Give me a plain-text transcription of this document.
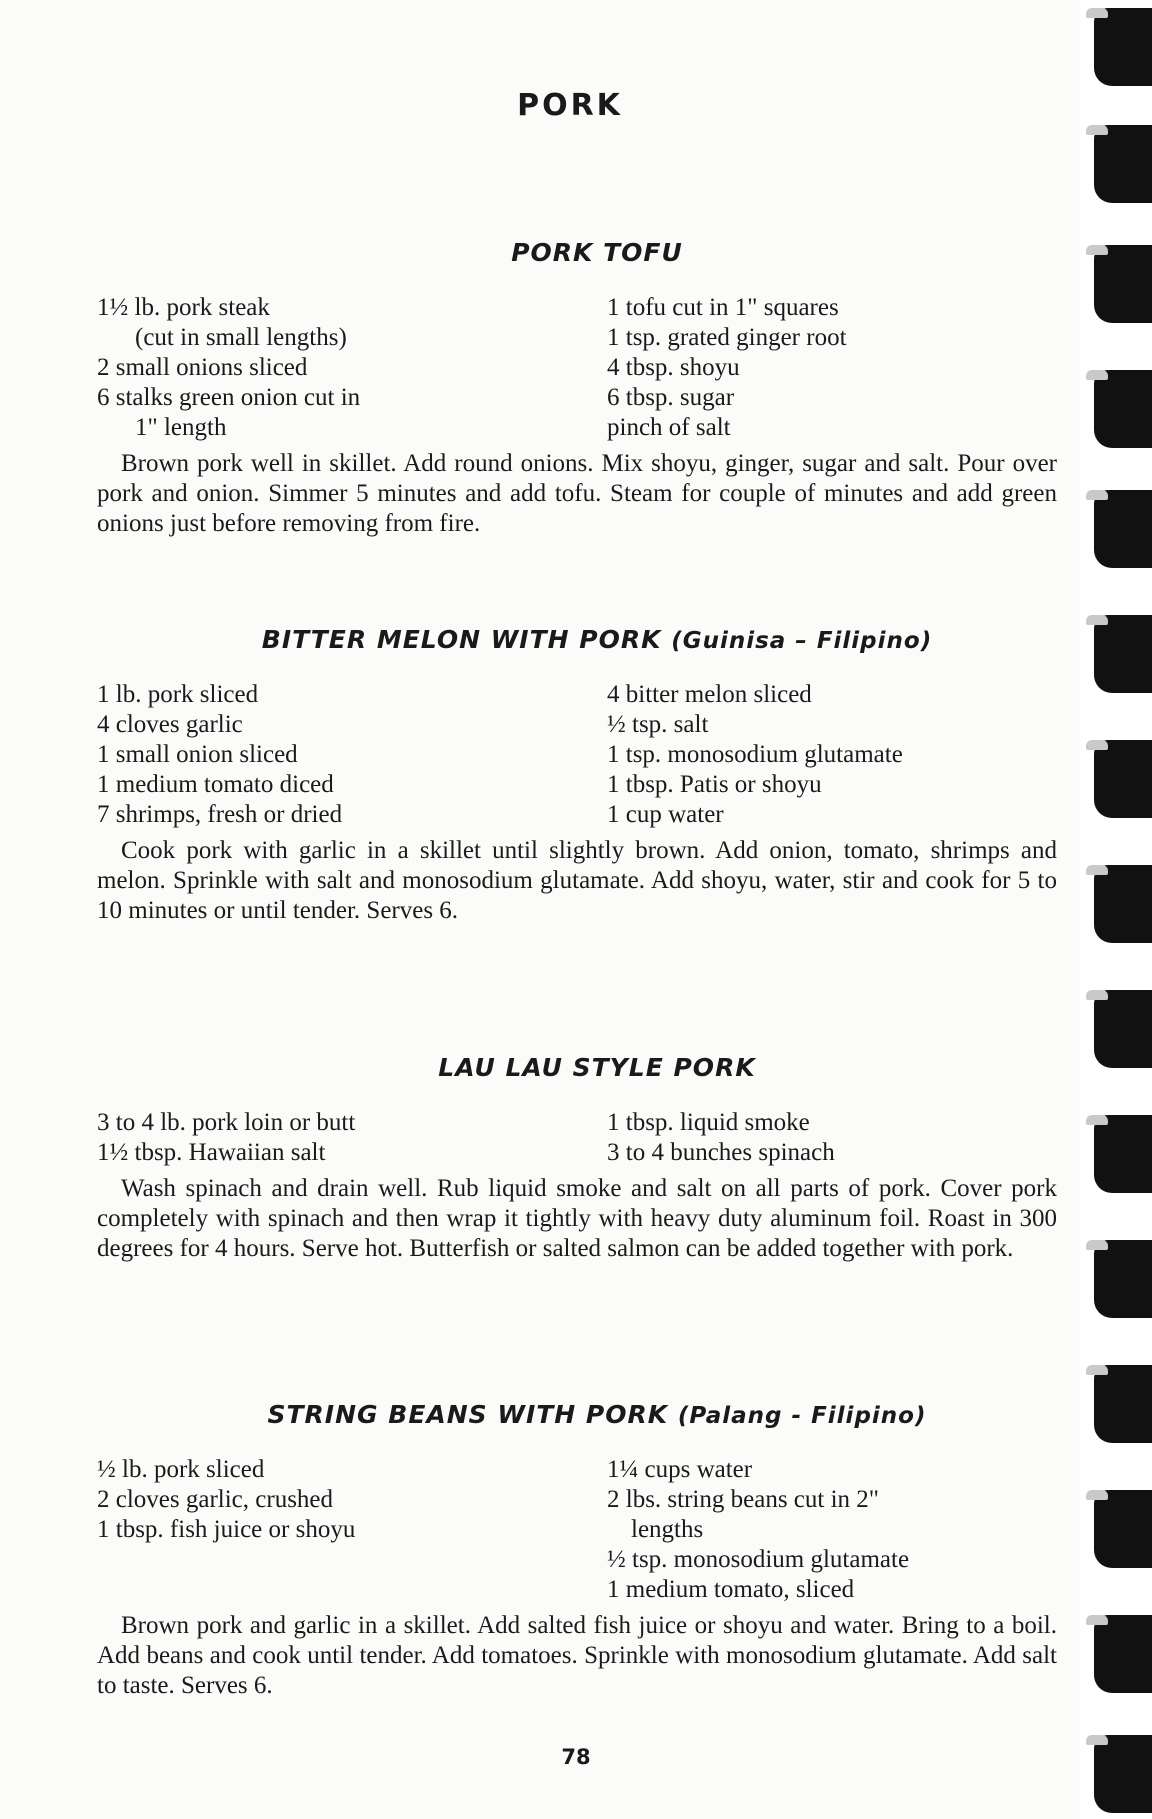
PORK
PORK TOFU
1½ lb. pork steak
(cut in small lengths)
2 small onions sliced
6 stalks green onion cut in
1" length
1 tofu cut in 1" squares
1 tsp. grated ginger root
4 tbsp. shoyu
6 tbsp. sugar
pinch of salt

Brown pork well in skillet. Add round onions. Mix shoyu, ginger, sugar and salt. Pour over pork and onion. Simmer 5 minutes and add tofu. Steam for couple of minutes and add green onions just before removing from fire.

BITTER MELON WITH PORK (Guinisa – Filipino)
1 lb. pork sliced
4 cloves garlic
1 small onion sliced
1 medium tomato diced
7 shrimps, fresh or dried
4 bitter melon sliced
½ tsp. salt
1 tsp. monosodium glutamate
1 tbsp. Patis or shoyu
1 cup water

Cook pork with garlic in a skillet until slightly brown. Add onion, tomato, shrimps and melon. Sprinkle with salt and monosodium glutamate. Add shoyu, water, stir and cook for 5 to 10 minutes or until tender. Serves 6.

LAU LAU STYLE PORK
3 to 4 lb. pork loin or butt
1½ tbsp. Hawaiian salt
1 tbsp. liquid smoke
3 to 4 bunches spinach

Wash spinach and drain well. Rub liquid smoke and salt on all parts of pork. Cover pork completely with spinach and then wrap it tightly with heavy duty aluminum foil. Roast in 300 degrees for 4 hours. Serve hot. Butterfish or salted salmon can be added together with pork.

STRING BEANS WITH PORK (Palang - Filipino)
½ lb. pork sliced
2 cloves garlic, crushed
1 tbsp. fish juice or shoyu
1¼ cups water
2 lbs. string beans cut in 2"
lengths
½ tsp. monosodium glutamate
1 medium tomato, sliced

Brown pork and garlic in a skillet. Add salted fish juice or shoyu and water. Bring to a boil. Add beans and cook until tender. Add tomatoes. Sprinkle with monosodium glutamate. Add salt to taste. Serves 6.

78
